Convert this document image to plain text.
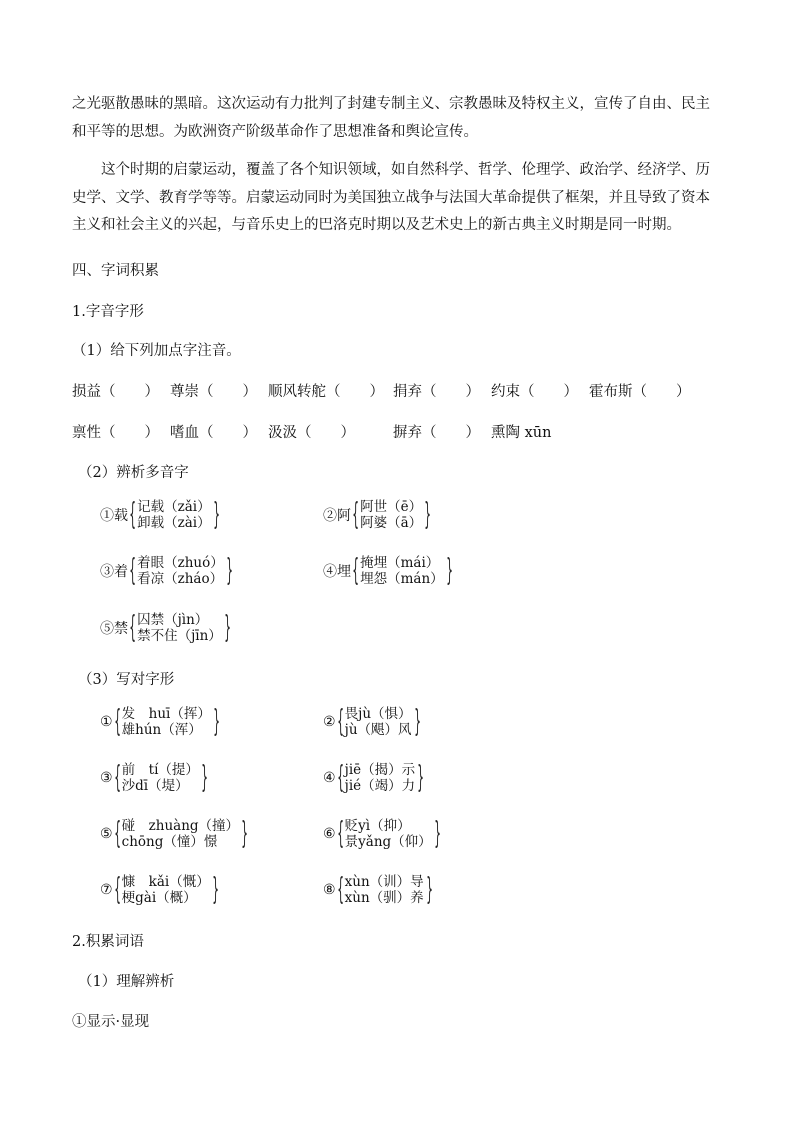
之光驱散愚昧的黑暗。这次运动有力批判了封建专制主义、宗教愚昧及特权主义，宣传了自由、民主和平等的思想。为欧洲资产阶级革命作了思想准备和舆论宣传。

这个时期的启蒙运动，覆盖了各个知识领域，如自然科学、哲学、伦理学、政治学、经济学、历史学、文学、教育学等等。启蒙运动同时为美国独立战争与法国大革命提供了框架，并且导致了资本主义和社会主义的兴起，与音乐史上的巴洛克时期以及艺术史上的新古典主义时期是同一时期。

四、字词积累

1.字音字形

（1）给下列加点字注音。

损益（　　） 尊崇（　　） 顺风转舵（　　） 捐弃（　　） 约束（　　） 霍布斯（　　）
禀性（　　） 嗜血（　　） 汲汲（　　）	摒弃（　　） 熏陶 xūn

（2）辨析多音字

①载{ 记载（zǎi）
卸载（zài） }	②阿{ 阿世（ē）
阿婆（ā） }
③着{ 着眼（zhuó）
看凉（zháo） }	④埋{ 掩埋（mái）
埋怨（mán） }
⑤禁{ 囚禁（jìn）
禁不住（jīn） }

（3）写对字形

①{ 发　huī（挥）
雄hún（浑） }	②{ 畏jù（惧）
jù（飓）风 }
③{ 前　tí（提）
沙dī（堤） }	④{ jiē（揭）示
jié（竭）力 }
⑤{ 碰　zhuàng（撞）
chōng（憧）憬 }	⑥{ 贬yì（抑）
景yǎng（仰） }
⑦{ 慷　kǎi（慨）
梗gài（概） }	⑧{ xùn（训）导
xùn（驯）养 }

2.积累词语

（1）理解辨析

①显示·显现
